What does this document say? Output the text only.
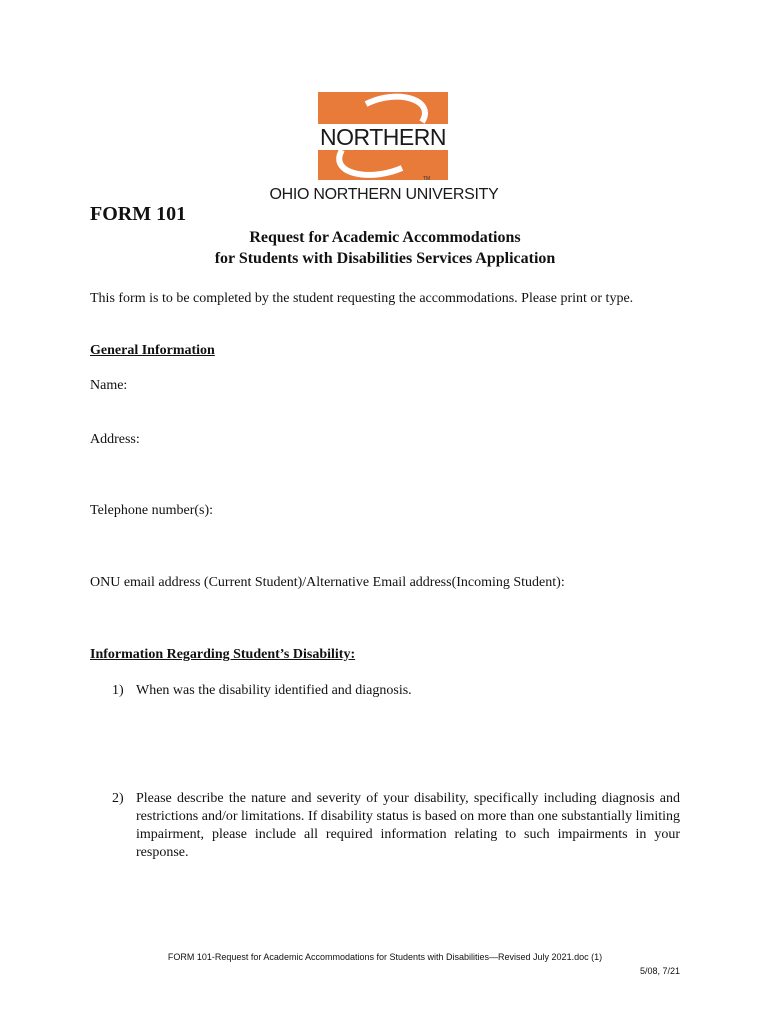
NORTHERN
TM
OHIO NORTHERN UNIVERSITY
FORM 101
Request for Academic Accommodations
for Students with Disabilities Services Application
This form is to be completed by the student requesting the accommodations. Please print or type.
General Information
Name:
Address:
Telephone number(s):
ONU email address (Current Student)/Alternative Email address(Incoming Student):
Information Regarding Student’s Disability:
1) When was the disability identified and diagnosis.
2) Please describe the nature and severity of your disability, specifically including diagnosis and restrictions and/or limitations. If disability status is based on more than one substantially limiting impairment, please include all required information relating to such impairments in your response.
FORM 101-Request for Academic Accommodations for Students with Disabilities—Revised July 2021.doc (1)
5/08, 7/21
